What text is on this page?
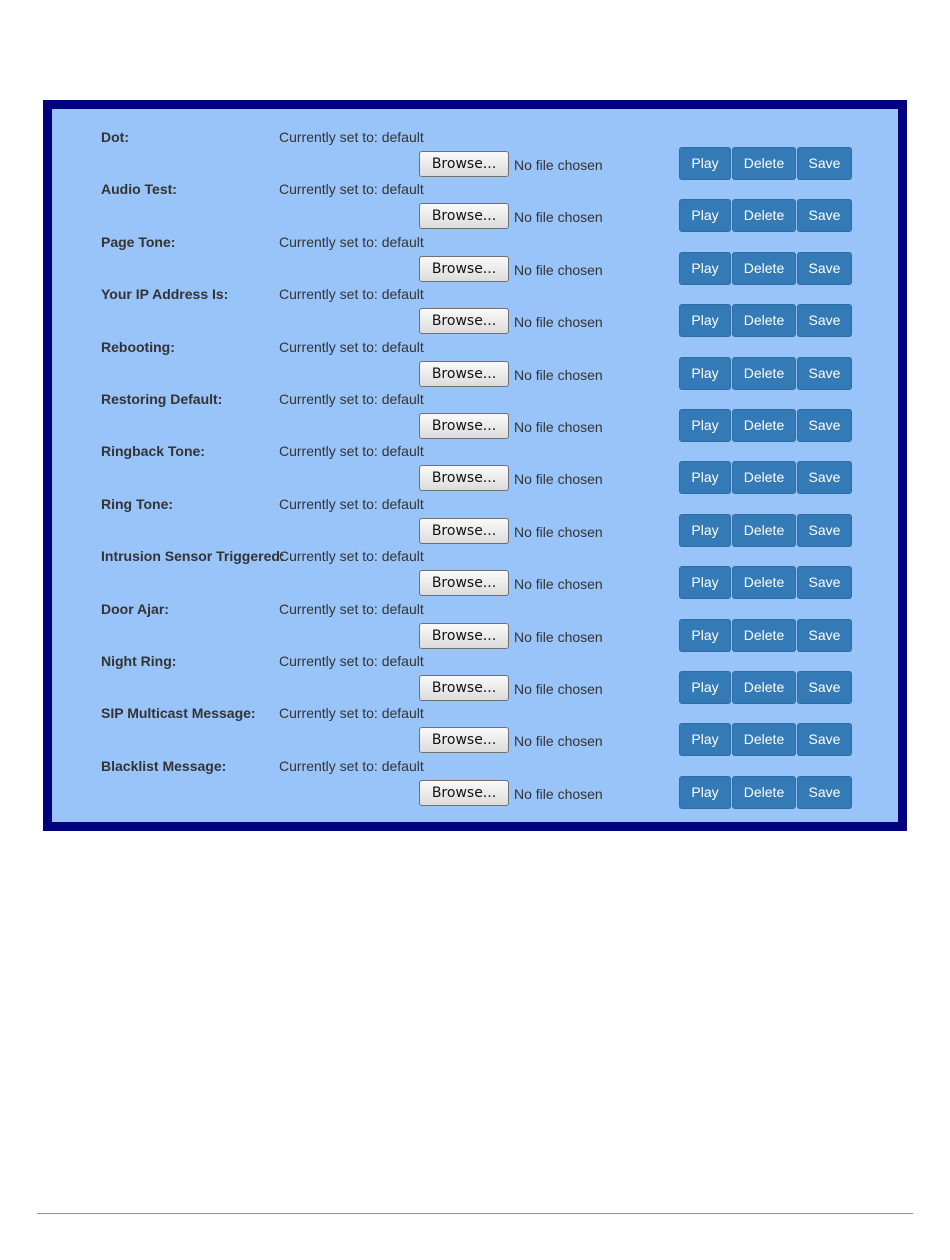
Dot:	Currently set to: default
Browse...	No file chosen	Play	Delete	Save
Audio Test:	Currently set to: default
Browse...	No file chosen	Play	Delete	Save
Page Tone:	Currently set to: default
Browse...	No file chosen	Play	Delete	Save
Your IP Address Is:	Currently set to: default
Browse...	No file chosen	Play	Delete	Save
Rebooting:	Currently set to: default
Browse...	No file chosen	Play	Delete	Save
Restoring Default:	Currently set to: default
Browse...	No file chosen	Play	Delete	Save
Ringback Tone:	Currently set to: default
Browse...	No file chosen	Play	Delete	Save
Ring Tone:	Currently set to: default
Browse...	No file chosen	Play	Delete	Save
Intrusion Sensor Triggered:
Currently set to: default
Browse...	No file chosen	Play	Delete	Save
Door Ajar:	Currently set to: default
Browse...	No file chosen	Play	Delete	Save
Night Ring:	Currently set to: default
Browse...	No file chosen	Play	Delete	Save
SIP Multicast Message: Currently set to: default
Browse...	No file chosen	Play	Delete	Save
Blacklist Message:	Currently set to: default
Browse...	No file chosen	Play	Delete	Save
